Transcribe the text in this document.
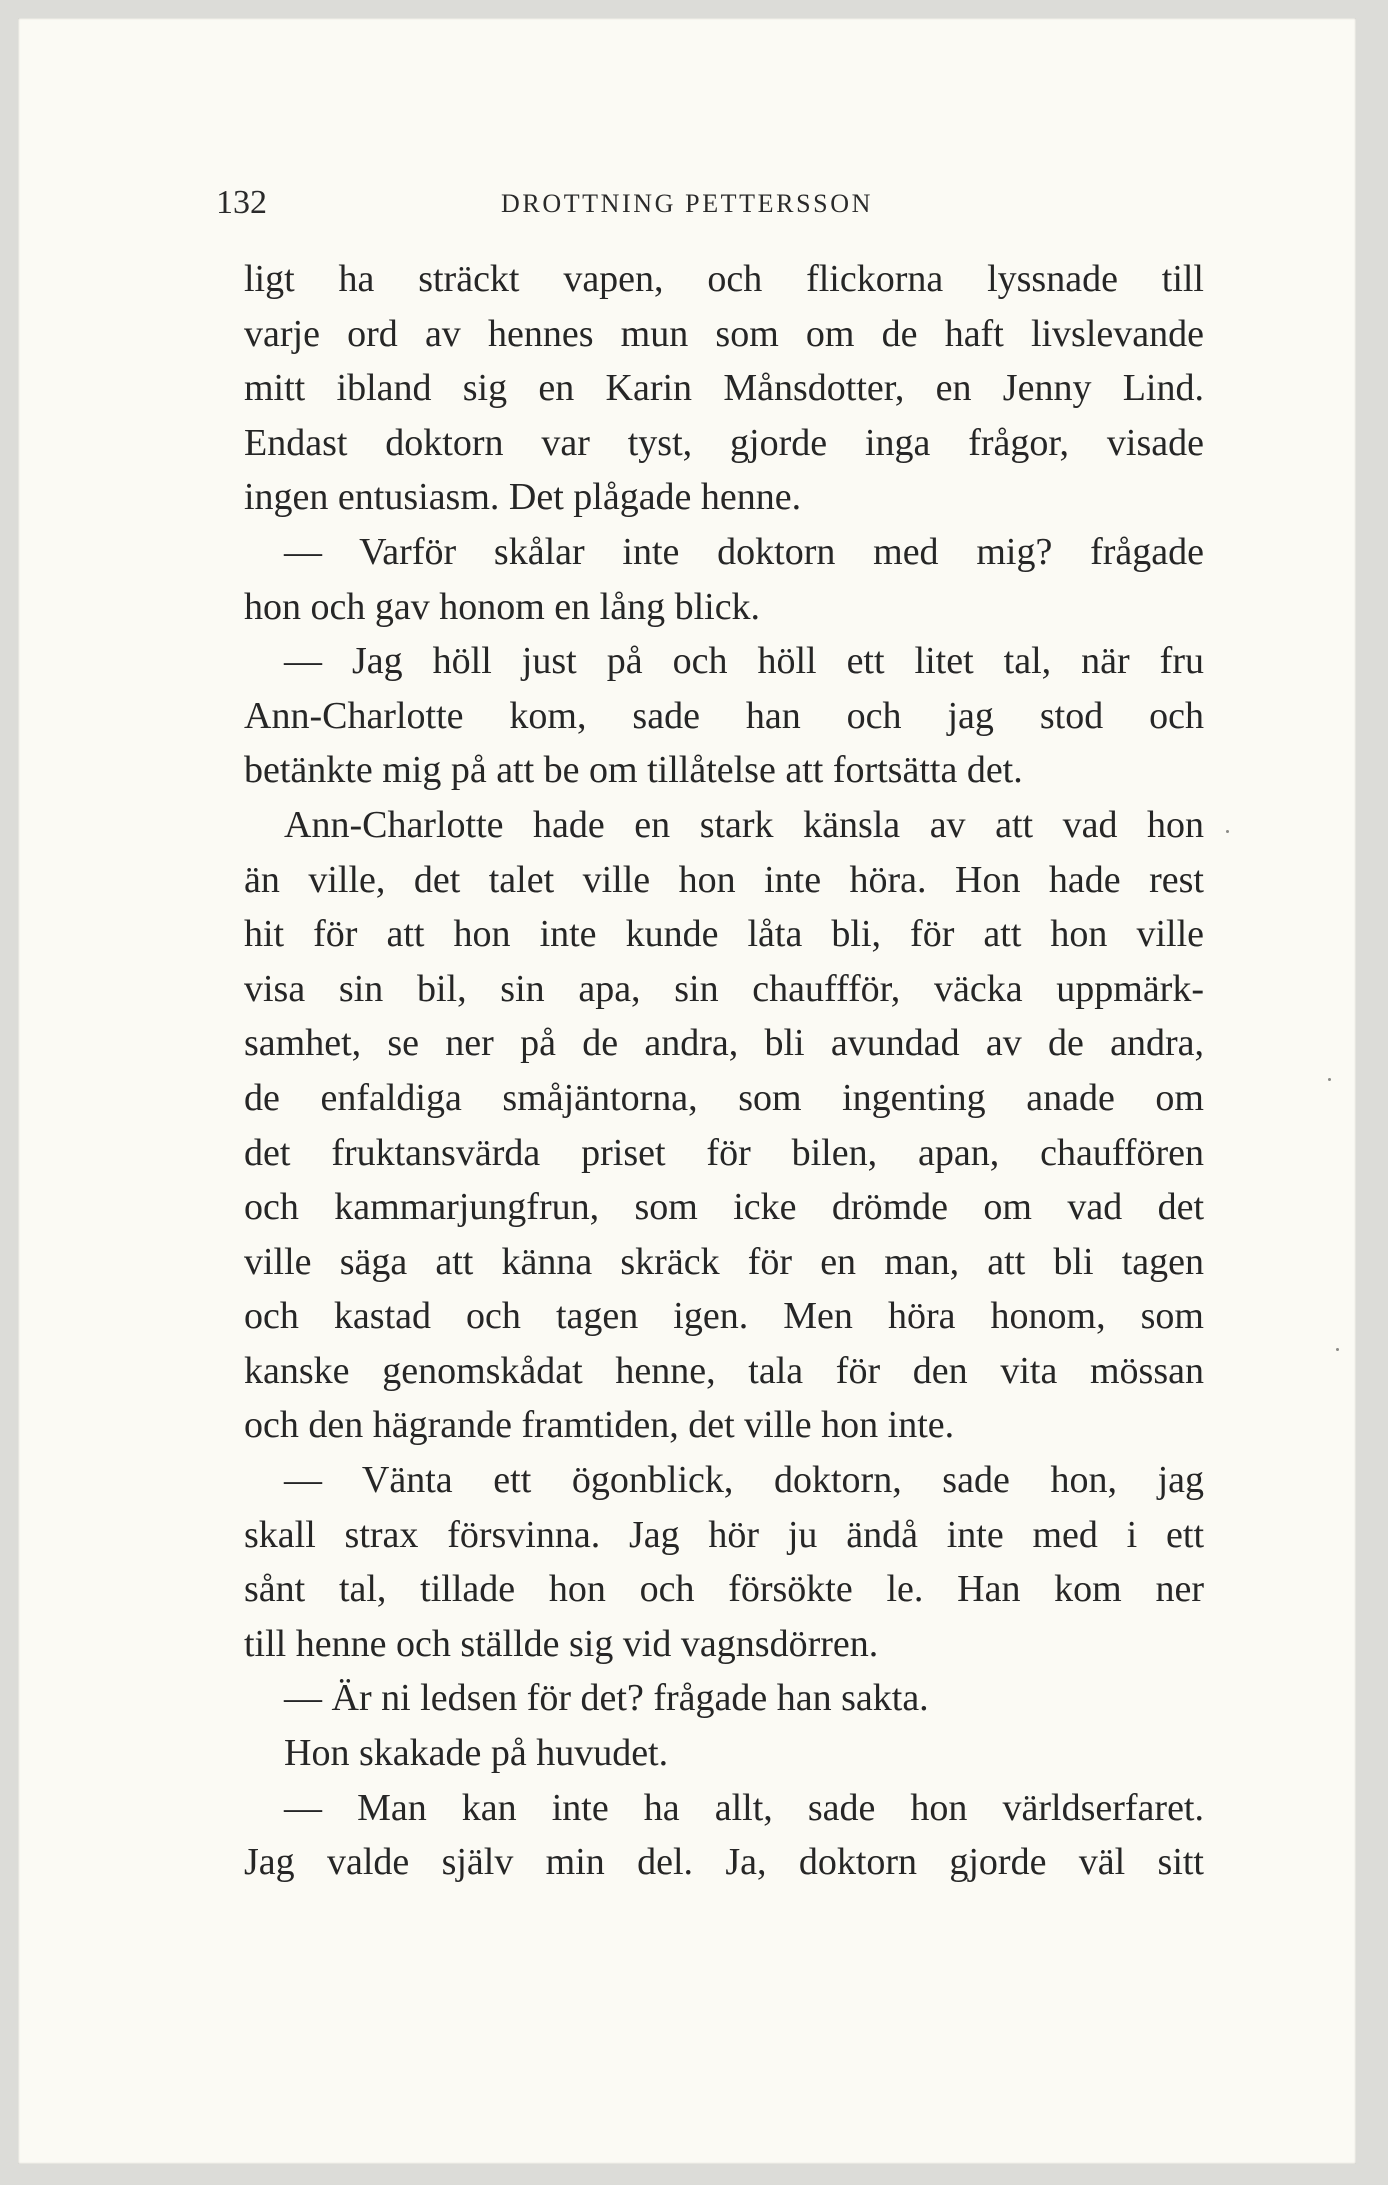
132	DROTTNING PETTERSSON
ligt ha sträckt vapen, och flickorna lyssnade till
varje ord av hennes mun som om de haft livslevande
mitt ibland sig en Karin Månsdotter, en Jenny Lind.
Endast doktorn var tyst, gjorde inga frågor, visade
ingen entusiasm. Det plågade henne.
— Varför skålar inte doktorn med mig? frågade
hon och gav honom en lång blick.
— Jag höll just på och höll ett litet tal, när fru
Ann-Charlotte kom, sade han och jag stod och
betänkte mig på att be om tillåtelse att fortsätta det.
Ann-Charlotte hade en stark känsla av att vad hon
än ville, det talet ville hon inte höra. Hon hade rest
hit för att hon inte kunde låta bli, för att hon ville
visa sin bil, sin apa, sin chauffför, väcka uppmärk-
samhet, se ner på de andra, bli avundad av de andra,
de enfaldiga småjäntorna, som ingenting anade om
det fruktansvärda priset för bilen, apan, chauffören
och kammarjungfrun, som icke drömde om vad det
ville säga att känna skräck för en man, att bli tagen
och kastad och tagen igen. Men höra honom, som
kanske genomskådat henne, tala för den vita mössan
och den hägrande framtiden, det ville hon inte.
— Vänta ett ögonblick, doktorn, sade hon, jag
skall strax försvinna. Jag hör ju ändå inte med i ett
sånt tal, tillade hon och försökte le. Han kom ner
till henne och ställde sig vid vagnsdörren.
— Är ni ledsen för det? frågade han sakta.
Hon skakade på huvudet.
— Man kan inte ha allt, sade hon världserfaret.
Jag valde själv min del. Ja, doktorn gjorde väl sitt
